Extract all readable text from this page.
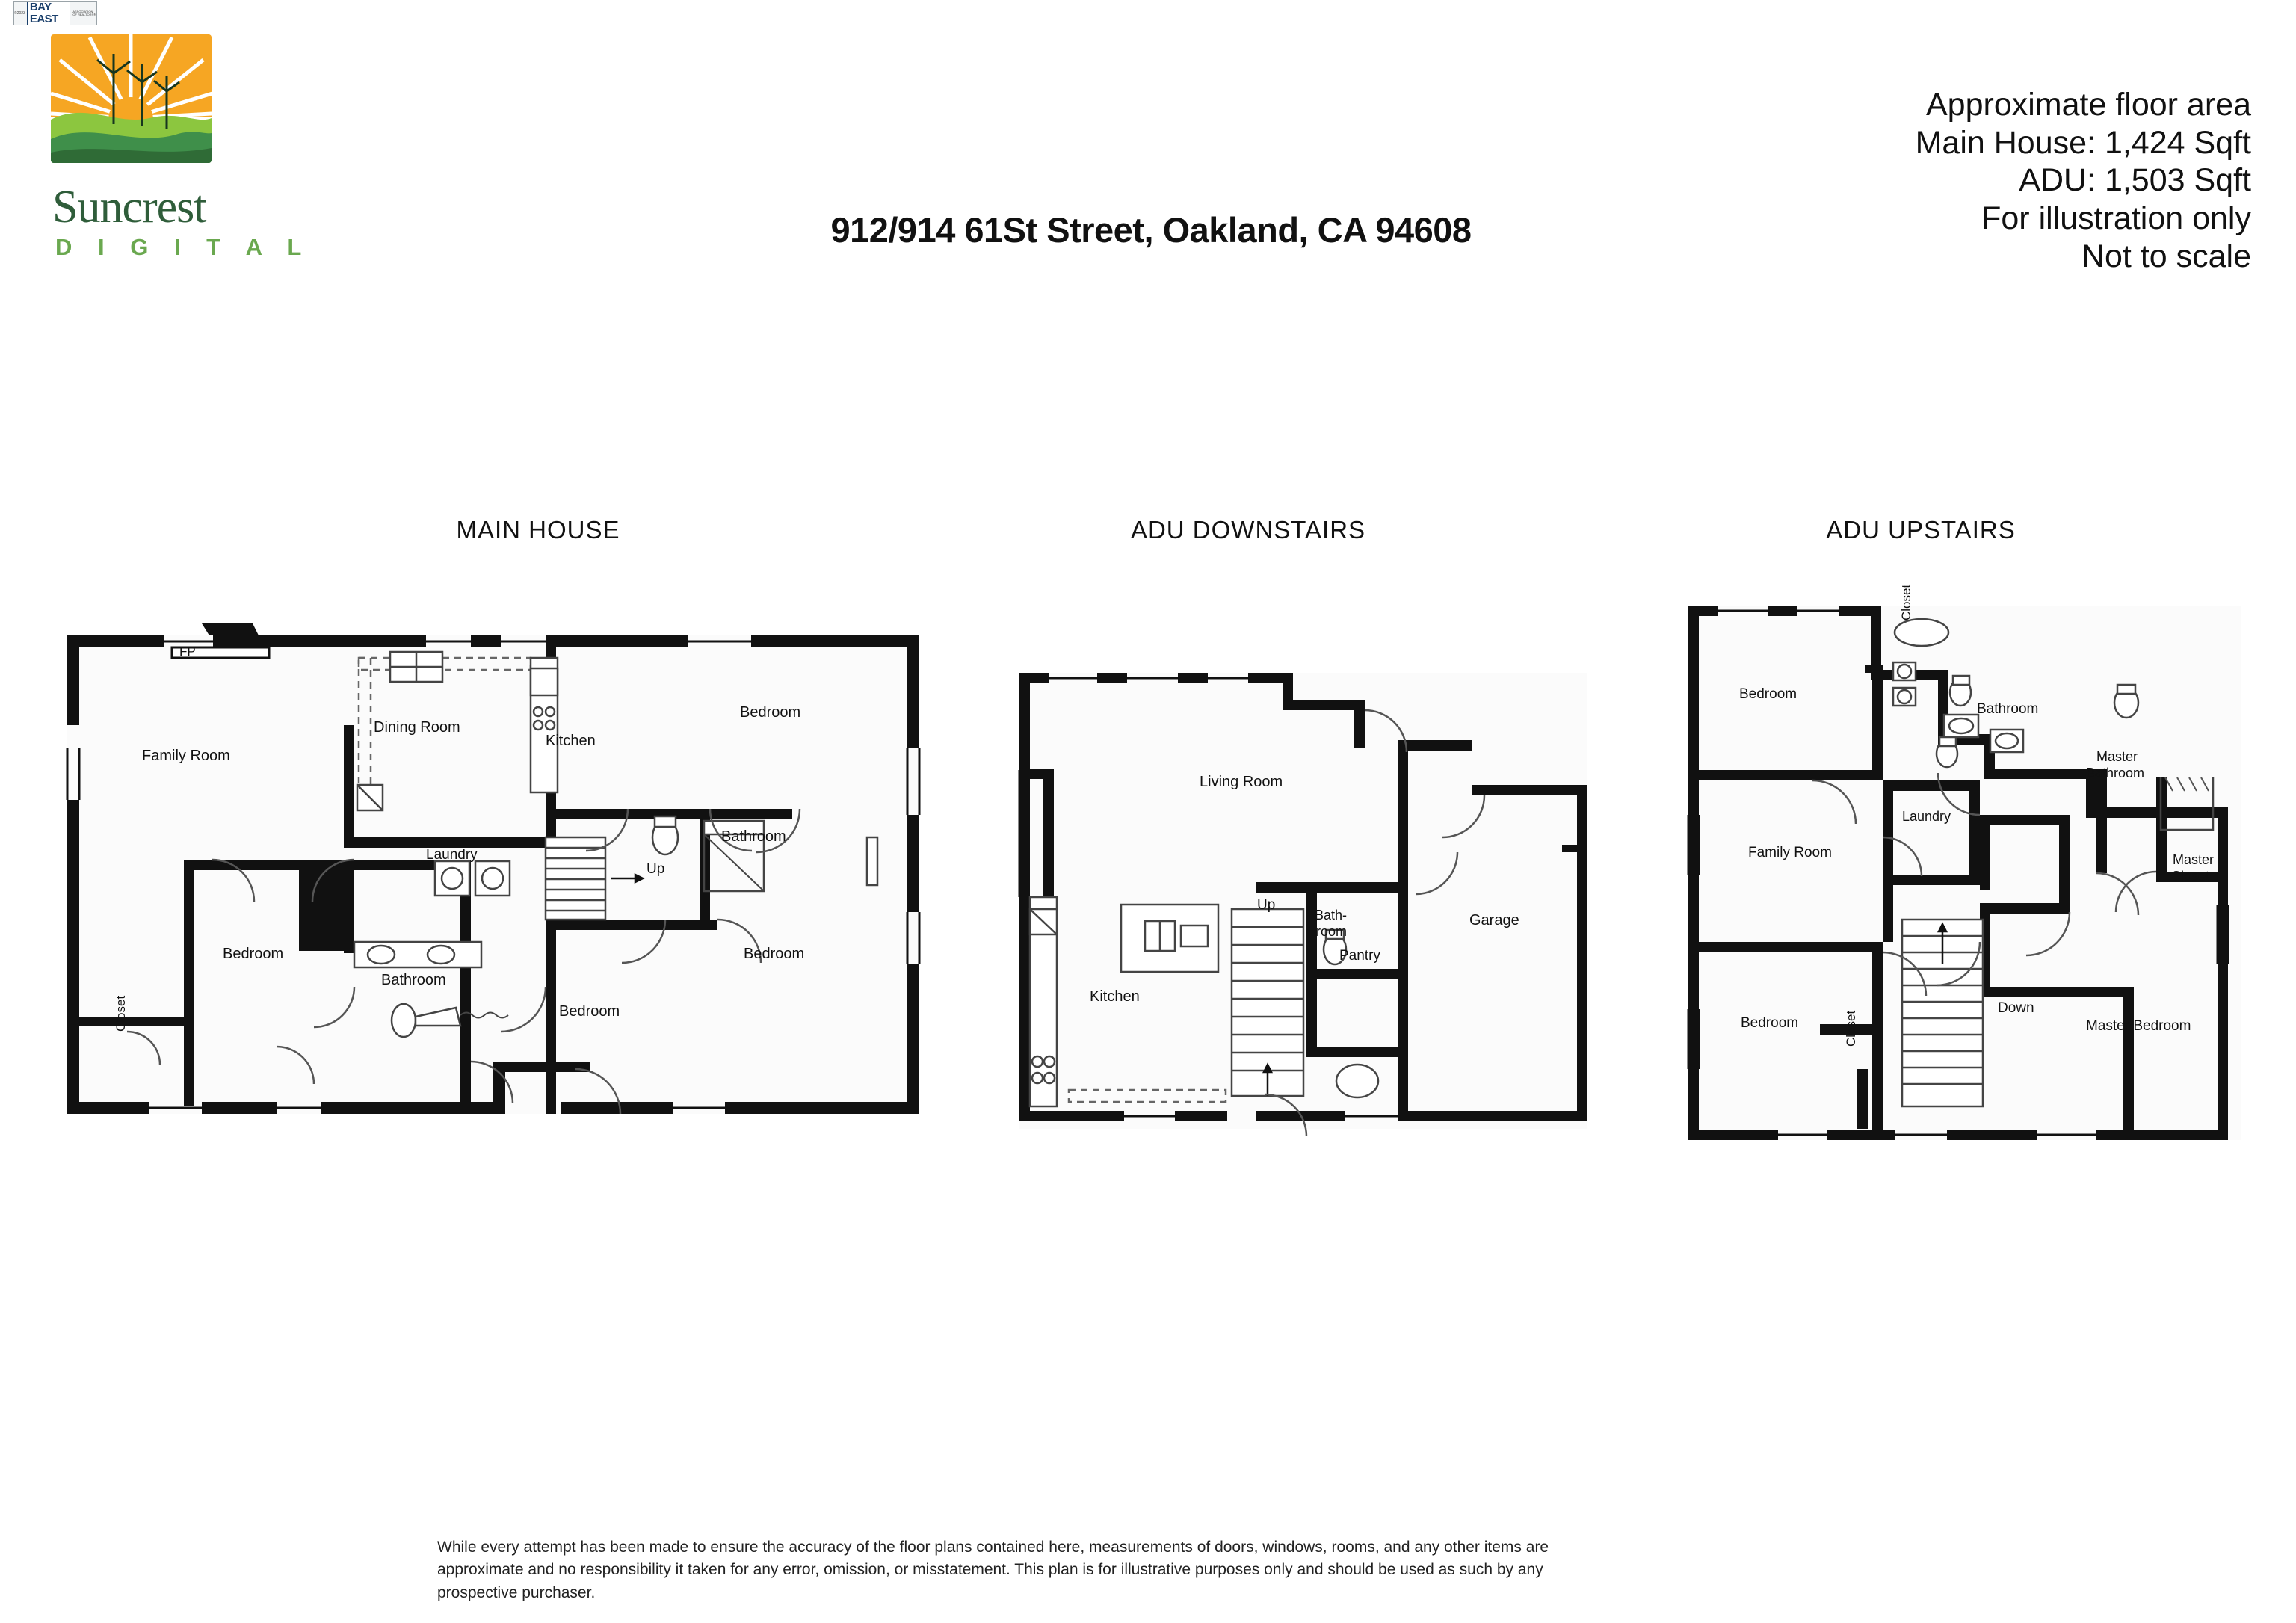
©2023 BAY EAST
ASSOCIATION OF REALTORS®
Suncrest
D I G I T A L	912/914 61St Street, Oakland, CA 94608
Approximate floor area
Main House: 1,424 Sqft
ADU: 1,503 Sqft
For illustration only
Not to scale
MAIN HOUSE	ADU DOWNSTAIRS	ADU UPSTAIRS
FP
Family Room
Dining Room
Kitchen
Bedroom
Bathroom
Laundry
Up
Bedroom
Bathroom
Bedroom
Bedroom
Closet
Living Room
Up
Bath-
room
Pantry
Garage
Kitchen
Bedroom
Closet
Bathroom
Master
Bathroom
Laundry
Family Room	Master
Closet
Bedroom	Closet
Down
Master Bedroom
While every attempt has been made to ensure the accuracy of the floor plans contained here, measurements of doors, windows, rooms, and any other items are approximate and no responsibility it taken for any error, omission, or misstatement. This plan is for illustrative purposes only and should be used as such by any prospective purchaser.
